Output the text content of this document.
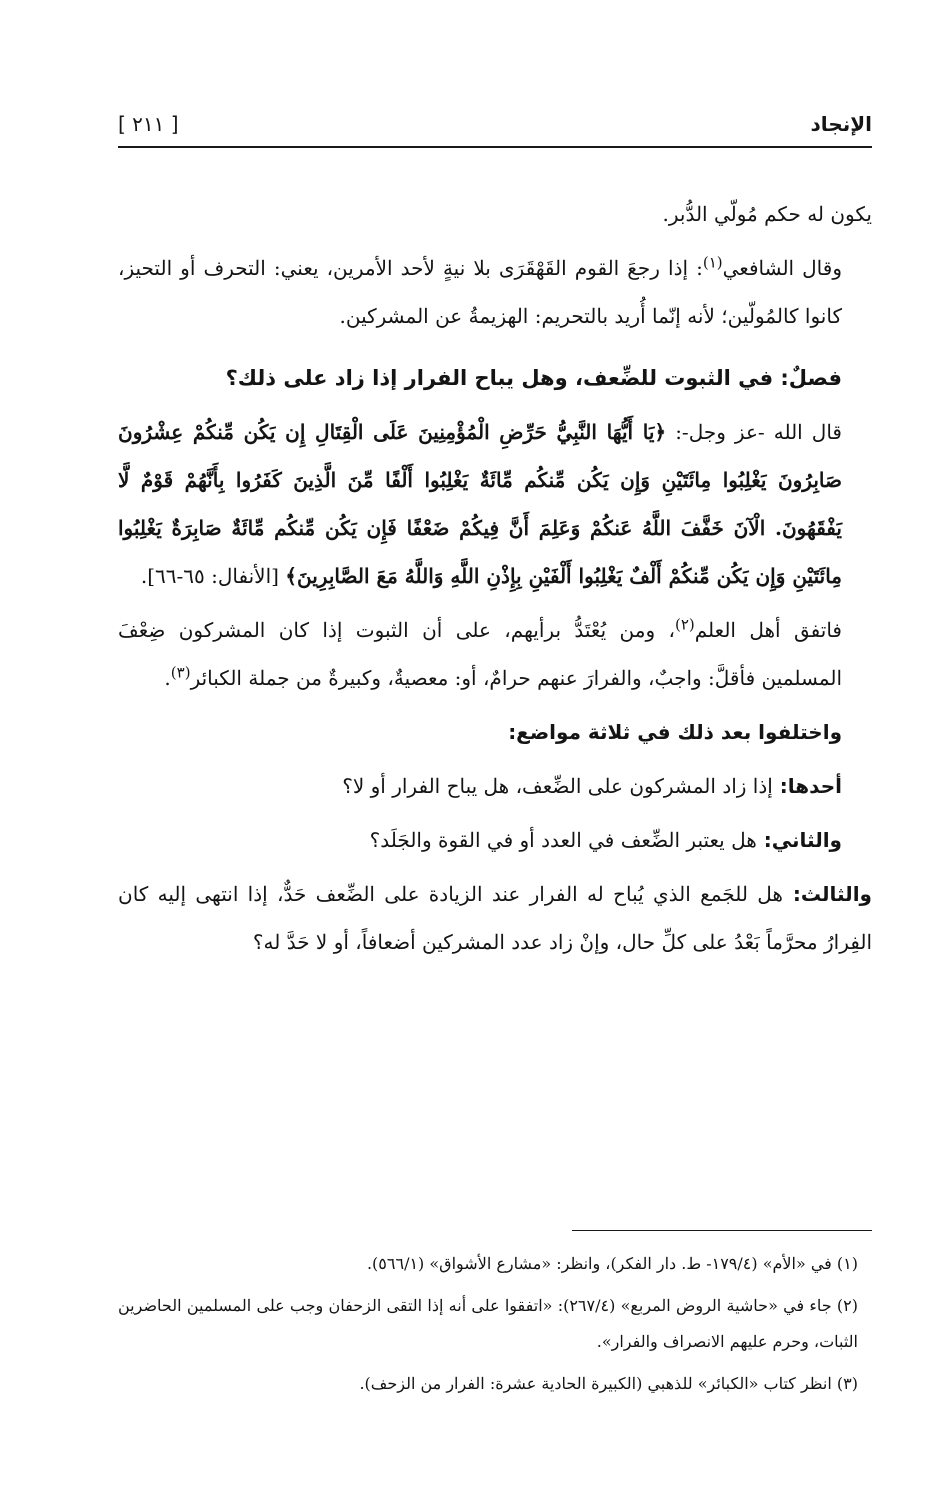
الإنجاد
[ ٢١١ ]

يكون له حكم مُولّي الدُّبر.

وقال الشافعي$^{(١)}$: إذا رجعَ القوم القَهْقَرَى بلا نيةٍ لأحد الأمرين، يعني: التحرف أو التحيز، كانوا كالمُولّين؛ لأنه إنّما أُريد بالتحريم: الهزيمةُ عن المشركين.

فصلٌ: في الثبوت للضِّعف، وهل يباح الفرار إذا زاد على ذلك؟

قال الله -عز وجل-: ﴿يَا أَيُّهَا النَّبِيُّ حَرِّضِ الْمُؤْمِنِينَ عَلَى الْقِتَالِ إِن يَكُن مِّنكُمْ عِشْرُونَ صَابِرُونَ يَغْلِبُوا مِائَتَيْنِ وَإِن يَكُن مِّنكُم مِّائَةٌ يَغْلِبُوا أَلْفًا مِّنَ الَّذِينَ كَفَرُوا بِأَنَّهُمْ قَوْمٌ لَّا يَفْقَهُونَ. الْآنَ خَفَّفَ اللَّهُ عَنكُمْ وَعَلِمَ أَنَّ فِيكُمْ ضَعْفًا فَإِن يَكُن مِّنكُم مِّائَةٌ صَابِرَةٌ يَغْلِبُوا مِائَتَيْنِ وَإِن يَكُن مِّنكُمْ أَلْفٌ يَغْلِبُوا أَلْفَيْنِ بِإِذْنِ اللَّهِ وَاللَّهُ مَعَ الصَّابِرِينَ﴾ [الأنفال: ٦٥-٦٦].

فاتفق أهل العلم$^{(٢)}$، ومن يُعْتَدُّ برأيهم، على أن الثبوت إذا كان المشركون ضِعْفَ المسلمين فأقلَّ: واجبٌ، والفرارَ عنهم حرامٌ، أو: معصيةٌ، وكبيرةٌ من جملة الكبائر$^{(٣)}$.

واختلفوا بعد ذلك في ثلاثة مواضع:

أحدها: إذا زاد المشركون على الضِّعف، هل يباح الفرار أو لا؟

والثاني: هل يعتبر الضِّعف في العدد أو في القوة والجَلَد؟

والثالث: هل للجَمع الذي يُباح له الفرار عند الزيادة على الضِّعف حَدٌّ، إذا انتهى إليه كان الفِرارُ محرَّماً بَعْدُ على كلِّ حال، وإنْ زاد عدد المشركين أضعافاً، أو لا حَدَّ له؟

(١) في «الأم» (١٧٩/٤- ط. دار الفكر)، وانظر: «مشارع الأشواق» (٥٦٦/١).

(٢) جاء في «حاشية الروض المربع» (٢٦٧/٤): «اتفقوا على أنه إذا التقى الزحفان وجب على المسلمين الحاضرين الثبات، وحرم عليهم الانصراف والفرار».

(٣) انظر كتاب «الكبائر» للذهبي (الكبيرة الحادية عشرة: الفرار من الزحف).
